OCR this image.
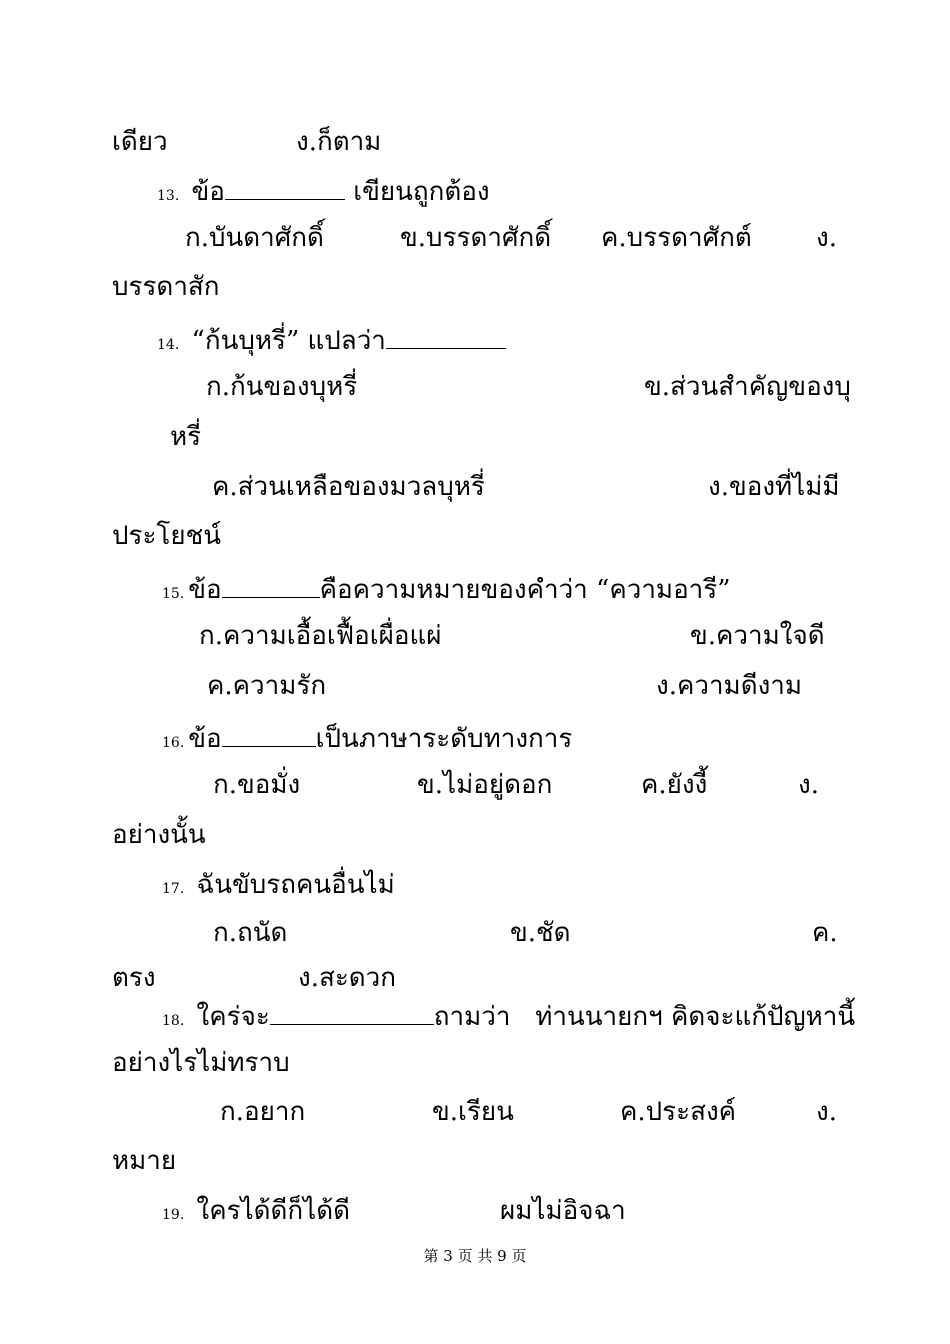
เดียว	ง.ก็ตาม
13. ข้อ	เขียนถูกต้อง
ก.บันดาศักดิ์	ข.บรรดาศักดิ์ ค.บรรดาศักต์ ง.
บรรดาสัก
14. “ก้นบุหรี่” แปลว่า
ก.ก้นของบุหรี่	ข.ส่วนสำคัญของบุ
หรี่
ค.ส่วนเหลือของมวลบุหรี่	ง.ของที่ไม่มี
ประโยชน์
15. ข้อ	คือความหมายของคำว่า “ความอารี”
ก.ความเอื้อเฟื้อเผื่อแผ่	ข.ความใจดี
ค.ความรัก	ง.ความดีงาม
16. ข้อ	เป็นภาษาระดับทางการ
ก.ขอมั่ง	ข.ไม่อยู่ดอก	ค.ยังงี้	ง.
อย่างนั้น
17. ฉันขับรถคนอื่นไม่
ก.ถนัด	ข.ชัด	ค.
ตรง	ง.สะดวก
18. ใคร่จะ	ถามว่า   ท่านนายกฯ คิดจะแก้ปัญหานี้
อย่างไรไม่ทราบ
ก.อยาก	ข.เรียน	ค.ประสงค์	ง.
หมาย
19. ใครได้ดีก็ได้ดี	ผมไม่อิจฉา
第 3 页 共 9 页
